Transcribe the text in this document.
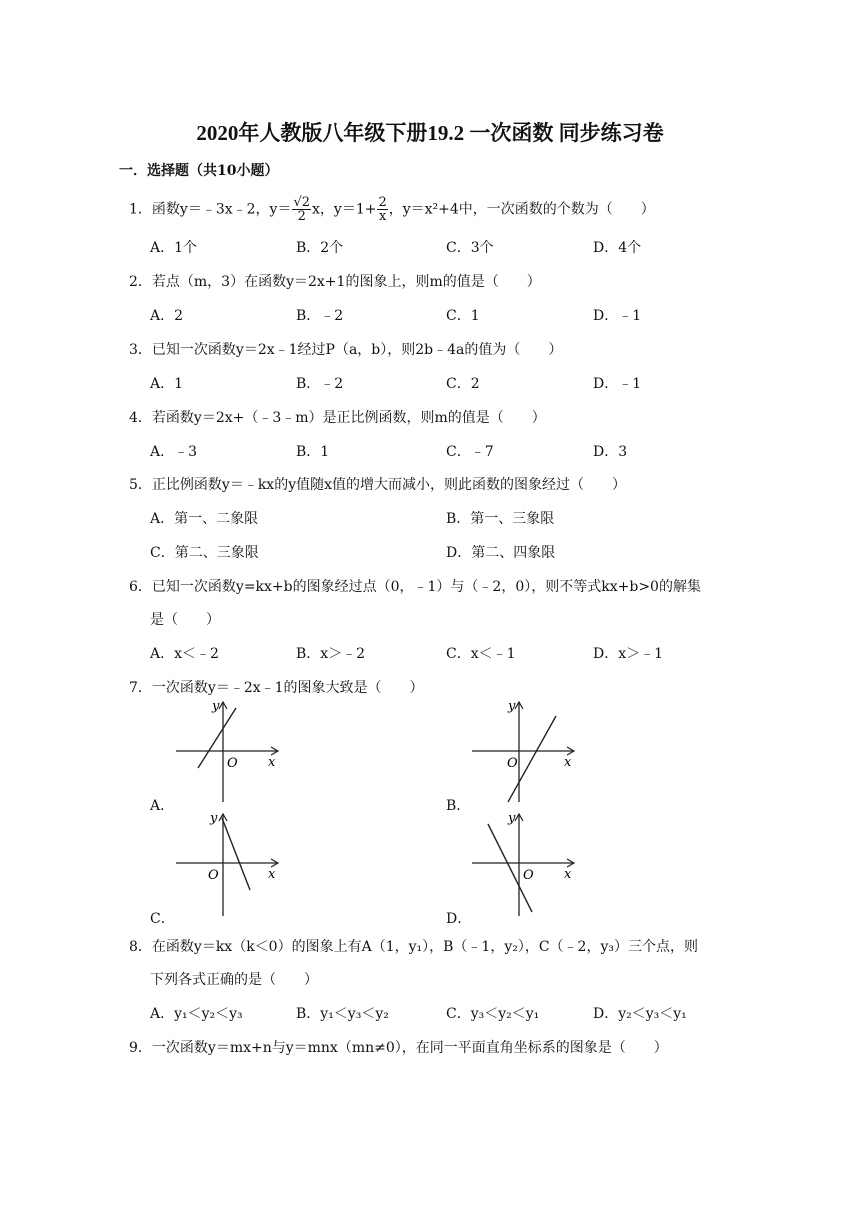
2020年人教版八年级下册19.2 一次函数 同步练习卷
一．选择题（共10小题）
1．函数y＝﹣3x﹣2，$y= \frac{√2}{2}$ x，$y=1+ \frac{2}{x}$ ，y＝x²+4中，一次函数的个数为（　　）
A．1个	B．2个	C．3个	D．4个
2．若点（m，3）在函数y＝2x+1的图象上，则m的值是（　　）
A．2	B．﹣2	C．1	D．﹣1
3．已知一次函数y＝2x﹣1经过P（a，b），则2b﹣4a的值为（　　）
A．1	B．﹣2	C．2	D．﹣1
4．若函数y＝2x+（﹣3﹣m）是正比例函数，则m的值是（　　）
A．﹣3	B．1	C．﹣7	D．3
5．正比例函数y＝﹣kx的y值随x值的增大而减小，则此函数的图象经过（　　）
A．第一、二象限	B．第一、三象限
C．第二、三象限	D．第二、四象限
6．已知一次函数y=kx+b的图象经过点（0，﹣1）与（﹣2，0），则不等式kx+b>0的解集
是（　　）
A．x＜﹣2	B．x＞﹣2	C．x＜﹣1	D．x＞﹣1
7．一次函数y＝﹣2x﹣1的图象大致是（　　）
x
y
O
A．
x
y
O
B．
x
y
O
C．
x
y
O
D．
8．在函数y＝kx（k＜0）的图象上有A（1，y₁），B（﹣1，y₂），C（﹣2，y₃）三个点，则
下列各式正确的是（　　）
A．y₁＜y₂＜y₃	B．y₁＜y₃＜y₂	C．y₃＜y₂＜y₁	D．y₂＜y₃＜y₁
9．一次函数y＝mx+n与y＝mnx（mn≠0），在同一平面直角坐标系的图象是（　　）
